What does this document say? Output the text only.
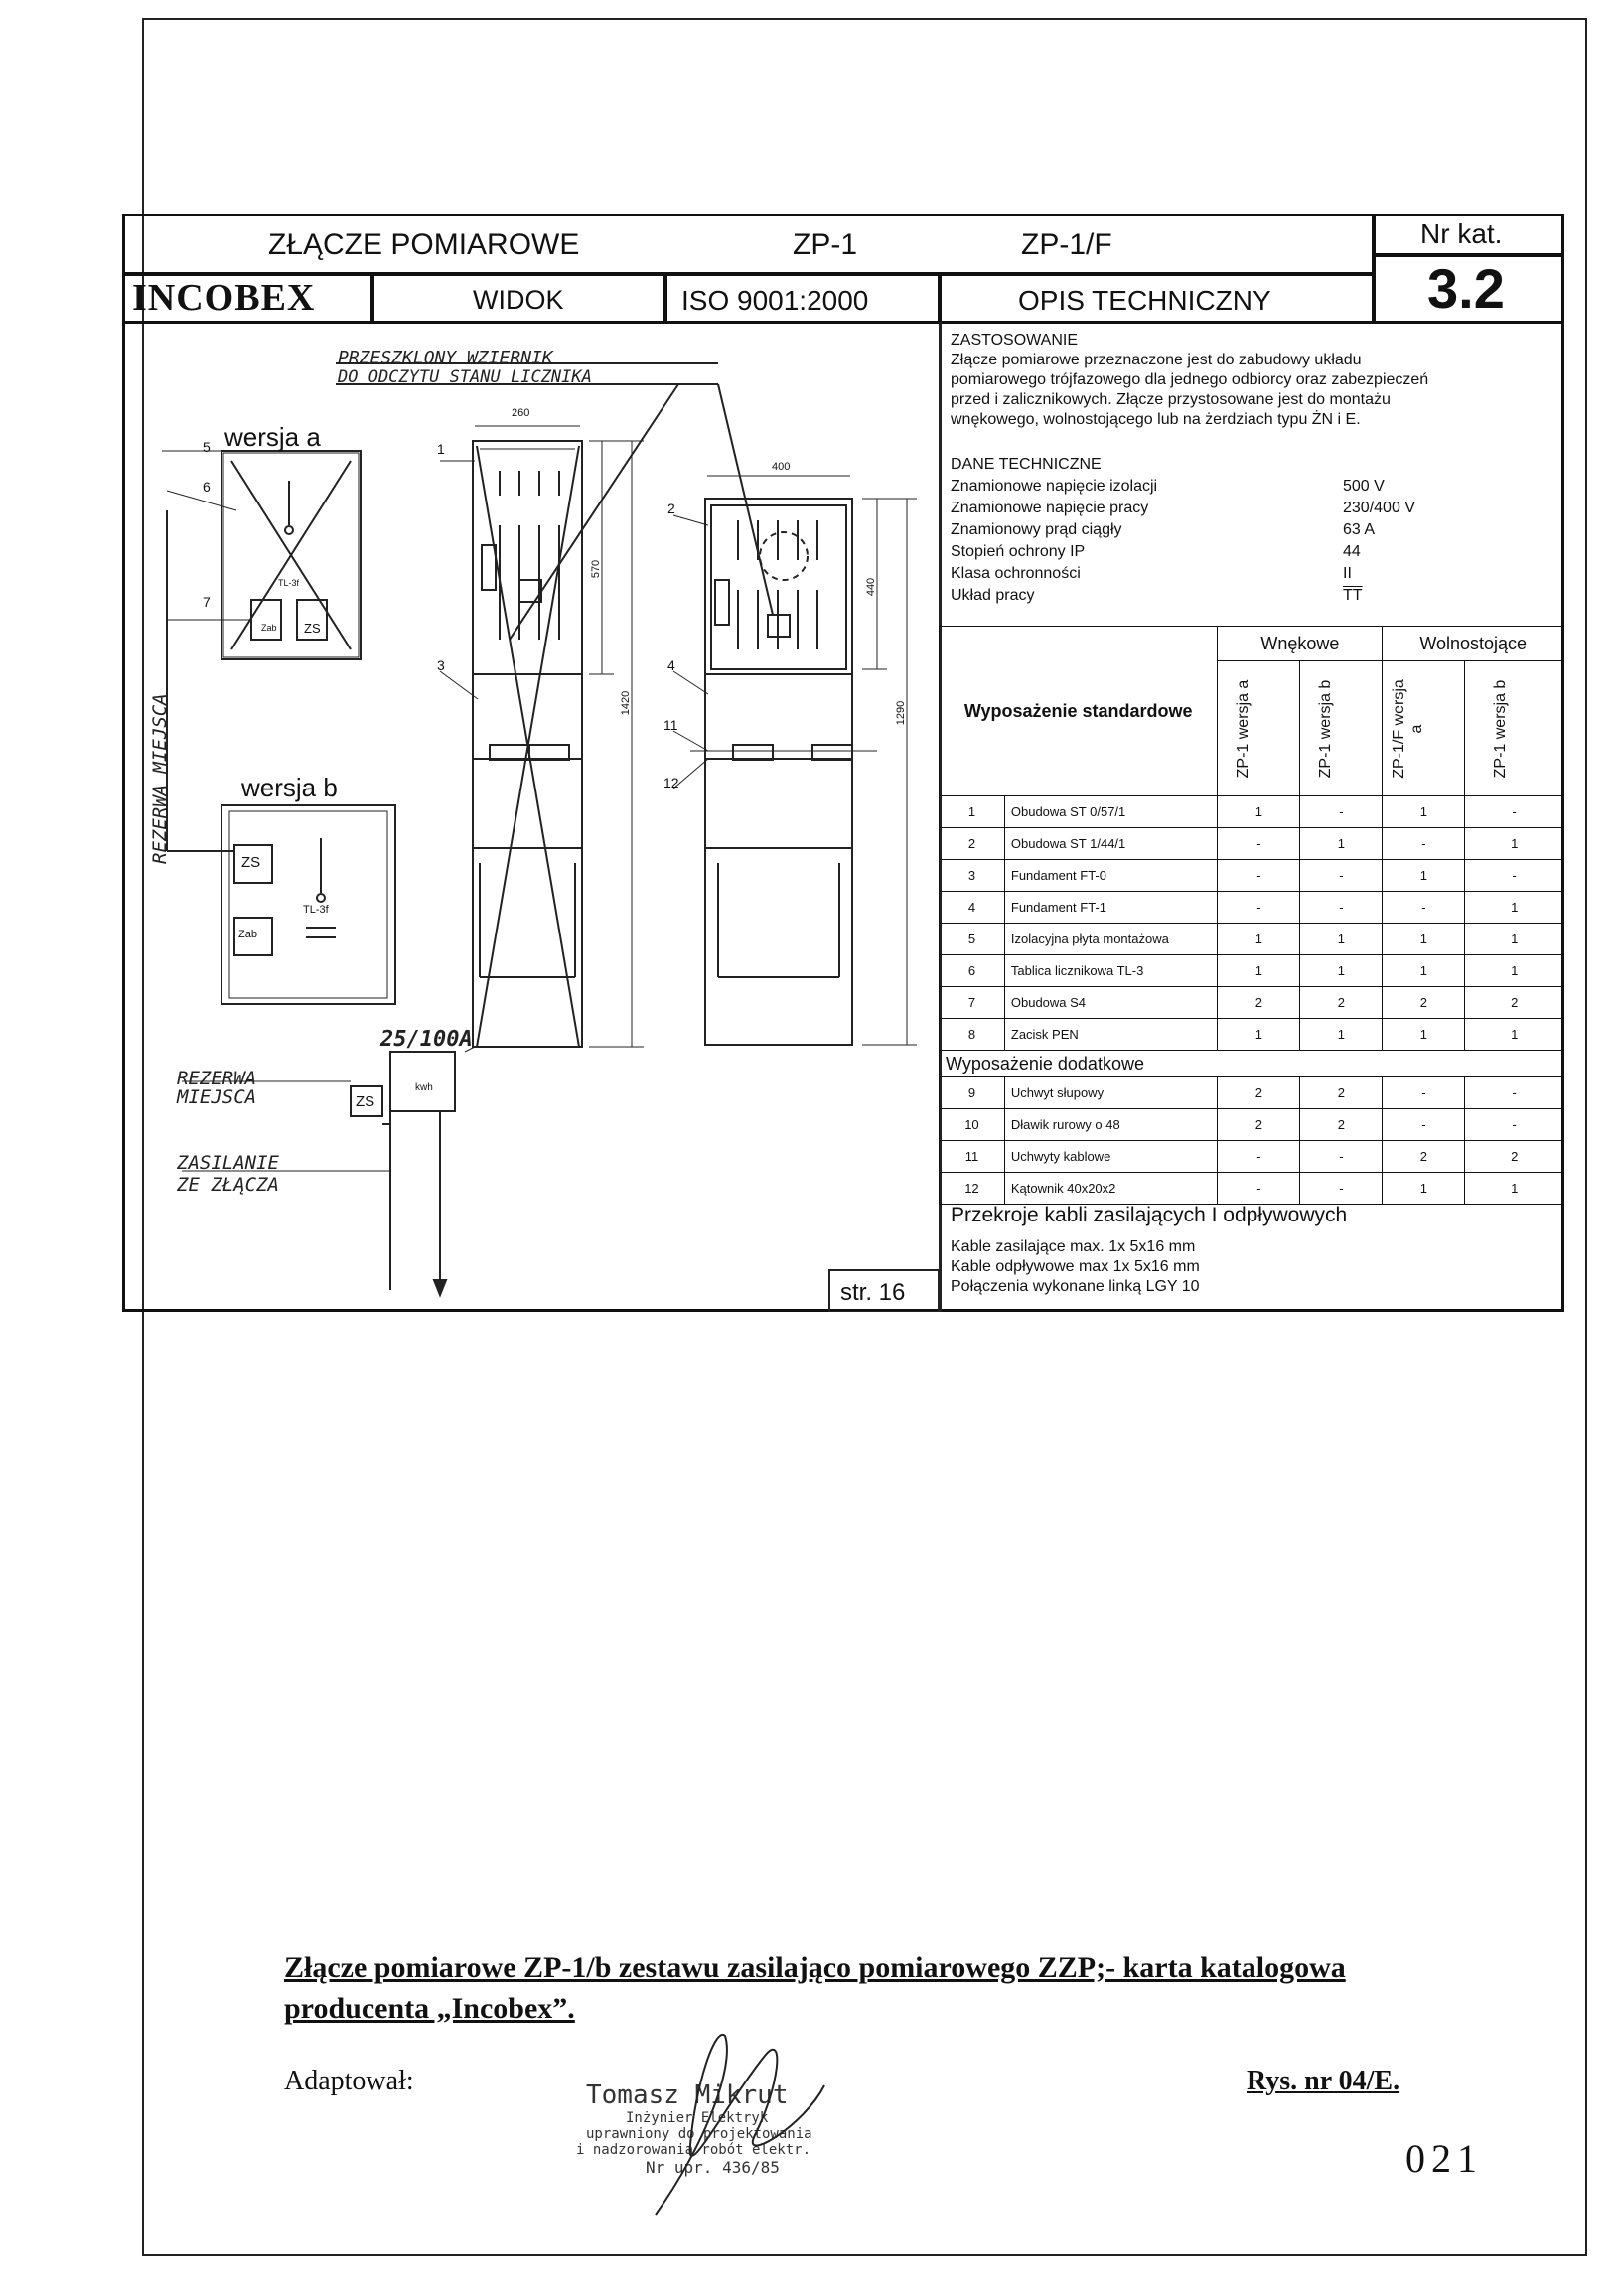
ZŁĄCZE POMIAROWE	ZP-1	ZP-1/F	Nr kat.
3.2
INCOBEX	WIDOK	ISO 9001:2000	OPIS TECHNICZNY
PRZESZKLONY WZIERNIK
DO ODCZYTU STANU LICZNIKA
wersja a
wersja b
REZERWA MIEJSCA
260
400
570
440
1420	1290
1
2
3	4
5
6
7
11
12
TL-3f
TL-3f
ZS
Zab
ZS
Zab
25/100A
REZERWA
MIEJSCA	ZS
ZASILANIE
ZE ZŁĄCZA
kwh
str. 16
ZASTOSOWANIE
Złącze pomiarowe przeznaczone jest do zabudowy układu
pomiarowego trójfazowego dla jednego odbiorcy oraz zabezpieczeń
przed i zalicznikowych. Złącze przystosowane jest do montażu
wnękowego, wolnostojącego lub na żerdziach typu ŻN i E.
DANE TECHNICZNE
Znamionowe napięcie izolacji	500 V
Znamionowe napięcie pracy	230/400 V
Znamionowy prąd ciągły	63 A
Stopień ochrony IP	44
Klasa ochronności	II
Układ pracy	$\overline{TT}$
Wyposażenie standardowe		Wnękowe		Wolnostojące	

		ZP-1 wersja a	ZP-1 wersja b	ZP-1/F wersja a	ZP-1 wersja b

1	Obudowa ST 0/57/1	1	-	1	-
2	Obudowa ST 1/44/1	-	1	-	1
3	Fundament FT-0	-	-	1	-
4	Fundament FT-1	-	-	-	1
5	Izolacyjna płyta montażowa	1	1	1	1
6	Tablica licznikowa TL-3	1	1	1	1
7	Obudowa S4	2	2	2	2
8	Zacisk PEN	1	1	1	1
Wyposażenie dodatkowe					
9	Uchwyt słupowy	2	2	-	-
10	Dławik rurowy o 48	2	2	-	-
11	Uchwyty kablowe	-	-	2	2
12	Kątownik 40x20x2	-	-	1	1
Przekroje kabli zasilających I odpływowych
Kable zasilające max. 1x 5x16 mm
Kable odpływowe max 1x 5x16 mm
Połączenia wykonane linką LGY 10
Złącze pomiarowe ZP-1/b zestawu zasilająco pomiarowego ZZP;- karta katalogowa
producenta „Incobex”.
Adaptował:	Rys. nr 04/E.
021
Tomasz Mikrut
Inżynier Elektryk
uprawniony do projektowania
i nadzorowania robót elektr.
Nr upr. 436/85
